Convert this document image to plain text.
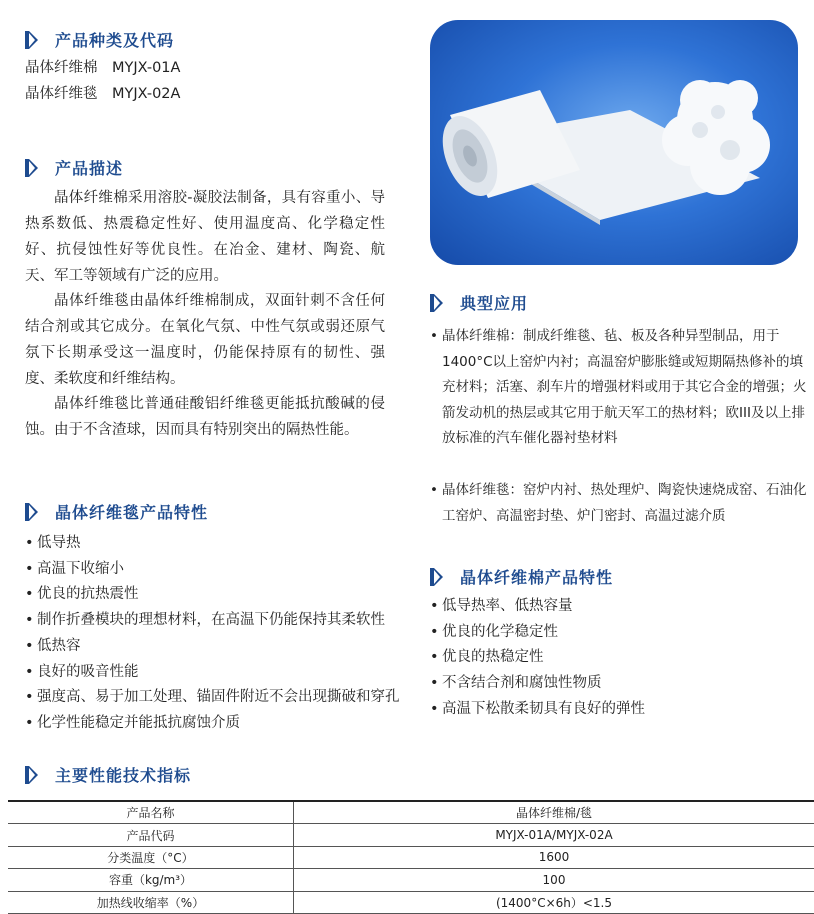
产品种类及代码
晶体纤维棉　MYJX-01A
晶体纤维毯　MYJX-02A
产品描述
晶体纤维棉采用溶胶-凝胶法制备，具有容重小、导热系数低、热震稳定性好、使用温度高、化学稳定性好、抗侵蚀性好等优良性。在冶金、建材、陶瓷、航天、军工等领域有广泛的应用。
晶体纤维毯由晶体纤维棉制成，双面针刺不含任何结合剂或其它成分。在氧化气氛、中性气氛或弱还原气氛下长期承受这一温度时，仍能保持原有的韧性、强度、柔软度和纤维结构。
晶体纤维毯比普通硅酸铝纤维毯更能抵抗酸碱的侵蚀。由于不含渣球，因而具有特别突出的隔热性能。
晶体纤维毯产品特性
• 低导热
• 高温下收缩小
• 优良的抗热震性
• 制作折叠模块的理想材料，在高温下仍能保持其柔软性
• 低热容
• 良好的吸音性能
• 强度高、易于加工处理、锚固件附近不会出现撕破和穿孔
• 化学性能稳定并能抵抗腐蚀介质
典型应用
• 晶体纤维棉：制成纤维毯、毡、板及各种异型制品，用于1400°C以上窑炉内衬；高温窑炉膨胀缝或短期隔热修补的填充材料；活塞、刹车片的增强材料或用于其它合金的增强；火箭发动机的热层或其它用于航天军工的热材料；欧III及以上排放标准的汽车催化器衬垫材料
• 晶体纤维毯：窑炉内衬、热处理炉、陶瓷快速烧成窑、石油化工窑炉、高温密封垫、炉门密封、高温过滤介质
晶体纤维棉产品特性
• 低导热率、低热容量
• 优良的化学稳定性
• 优良的热稳定性
• 不含结合剂和腐蚀性物质
• 高温下松散柔韧具有良好的弹性
主要性能技术指标
产品名称	晶体纤维棉/毯
产品代码	MYJX-01A/MYJX-02A
分类温度（°C）	1600
容重（kg/m³）	100
加热线收缩率（%）	(1400°C×6h）<1.5
